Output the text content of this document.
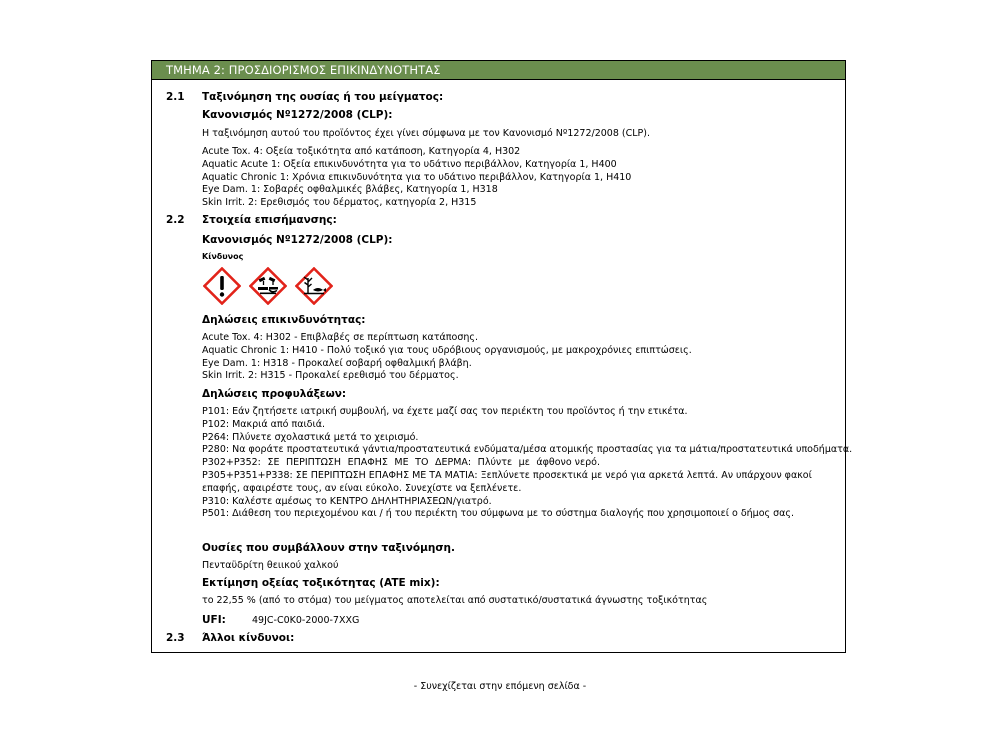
ΤΜΗΜΑ 2: ΠΡΟΣΔΙΟΡΙΣΜΟΣ ΕΠΙΚΙΝΔΥΝΟΤΗΤΑΣ
2.1 Ταξινόμηση της ουσίας ή του μείγματος:
Κανονισμός Nº1272/2008 (CLP):
Η ταξινόμηση αυτού του προϊόντος έχει γίνει σύμφωνα με τον Κανονισμό Nº1272/2008 (CLP).
Acute Tox. 4: Οξεία τοξικότητα από κατάποση, Κατηγορία 4, H302
Aquatic Acute 1: Οξεία επικινδυνότητα για το υδάτινο περιβάλλον, Κατηγορία 1, H400
Aquatic Chronic 1: Χρόνια επικινδυνότητα για το υδάτινο περιβάλλον, Κατηγορία 1, H410
Eye Dam. 1: Σοβαρές οφθαλμικές βλάβες, Κατηγορία 1, H318
Skin Irrit. 2: Ερεθισμός του δέρματος, κατηγορία 2, H315
2.2 Στοιχεία επισήμανσης:
Κανονισμός Nº1272/2008 (CLP):
Κίνδυνος
Δηλώσεις επικινδυνότητας:
Acute Tox. 4: H302 - Επιβλαβές σε περίπτωση κατάποσης.
Aquatic Chronic 1: H410 - Πολύ τοξικό για τους υδρόβιους οργανισμούς, με μακροχρόνιες επιπτώσεις.
Eye Dam. 1: H318 - Προκαλεί σοβαρή οφθαλμική βλάβη.
Skin Irrit. 2: H315 - Προκαλεί ερεθισμό του δέρματος.
Δηλώσεις προφυλάξεων:
P101: Εάν ζητήσετε ιατρική συμβουλή, να έχετε μαζί σας τον περιέκτη του προϊόντος ή την ετικέτα.
P102: Μακριά από παιδιά.
P264: Πλύνετε σχολαστικά μετά το χειρισμό.
P280: Να φοράτε προστατευτικά γάντια/προστατευτικά ενδύματα/μέσα ατομικής προστασίας για τα μάτια/προστατευτικά υποδήματα.
P302+P352: ΣΕ ΠΕΡΙΠΤΩΣΗ ΕΠΑΦΗΣ ΜΕ ΤΟ ΔΕΡΜΑ: Πλύντε με άφθονο νερό.
P305+P351+P338: ΣΕ ΠΕΡΙΠΤΩΣΗ ΕΠΑΦΗΣ ΜΕ ΤΑ ΜΑΤΙΑ: Ξεπλύνετε προσεκτικά με νερό για αρκετά λεπτά. Αν υπάρχουν φακοί
επαφής, αφαιρέστε τους, αν είναι εύκολο. Συνεχίστε να ξεπλένετε.
P310: Καλέστε αμέσως το ΚΕΝΤΡΟ ΔΗΛΗΤΗΡΙΑΣΕΩΝ/γιατρό.
P501: Διάθεση του περιεχομένου και / ή του περιέκτη του σύμφωνα με το σύστημα διαλογής που χρησιμοποιεί ο δήμος σας.
Ουσίες που συμβάλλουν στην ταξινόμηση.
Πενταϋδρίτη θειικού χαλκού
Εκτίμηση οξείας τοξικότητας (ATE mix):
το 22,55 % (από το στόμα) του μείγματος αποτελείται από συστατικό/συστατικά άγνωστης τοξικότητας
UFI:	49JC-C0K0-2000-7XXG
2.3 Άλλοι κίνδυνοι:
- Συνεχίζεται στην επόμενη σελίδα -
